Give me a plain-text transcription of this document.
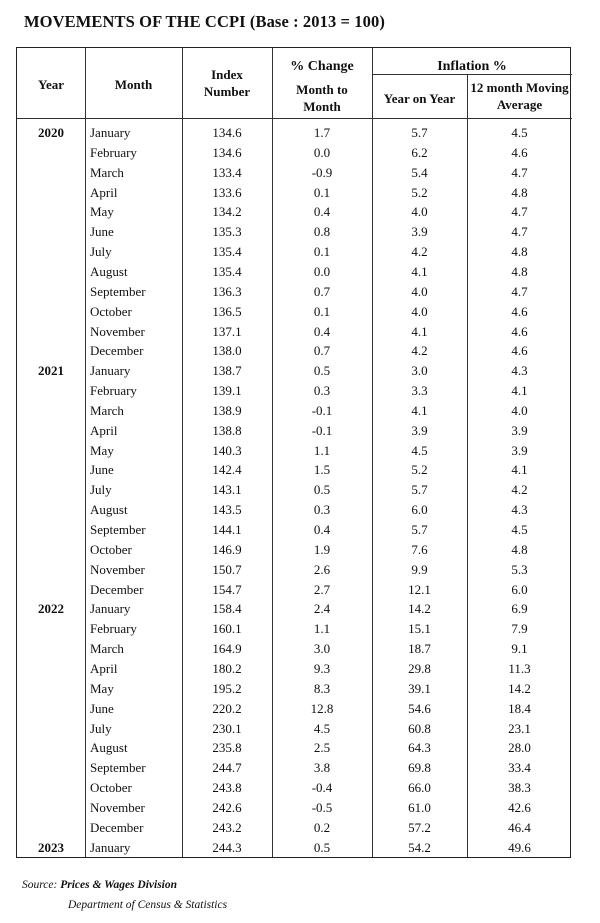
MOVEMENTS OF THE CCPI (Base : 2013 = 100)
Year	Month
Index Number
% Change
Month to Month
Inflation %
Year on Year
12 month Moving Average
2020	January	134.6	1.7	5.7	4.5
February	134.6	0.0	6.2	4.6
March	133.4	-0.9	5.4	4.7
April	133.6	0.1	5.2	4.8
May	134.2	0.4	4.0	4.7
June	135.3	0.8	3.9	4.7
July	135.4	0.1	4.2	4.8
August	135.4	0.0	4.1	4.8
September	136.3	0.7	4.0	4.7
October	136.5	0.1	4.0	4.6
November	137.1	0.4	4.1	4.6
December	138.0	0.7	4.2	4.6
2021	January	138.7	0.5	3.0	4.3
February	139.1	0.3	3.3	4.1
March	138.9	-0.1	4.1	4.0
April	138.8	-0.1	3.9	3.9
May	140.3	1.1	4.5	3.9
June	142.4	1.5	5.2	4.1
July	143.1	0.5	5.7	4.2
August	143.5	0.3	6.0	4.3
September	144.1	0.4	5.7	4.5
October	146.9	1.9	7.6	4.8
November	150.7	2.6	9.9	5.3
December	154.7	2.7	12.1	6.0
2022	January	158.4	2.4	14.2	6.9
February	160.1	1.1	15.1	7.9
March	164.9	3.0	18.7	9.1
April	180.2	9.3	29.8	11.3
May	195.2	8.3	39.1	14.2
June	220.2	12.8	54.6	18.4
July	230.1	4.5	60.8	23.1
August	235.8	2.5	64.3	28.0
September	244.7	3.8	69.8	33.4
October	243.8	-0.4	66.0	38.3
November	242.6	-0.5	61.0	42.6
December	243.2	0.2	57.2	46.4
2023	January	244.3	0.5	54.2	49.6
Source: Prices & Wages Division
Department of Census & Statistics
